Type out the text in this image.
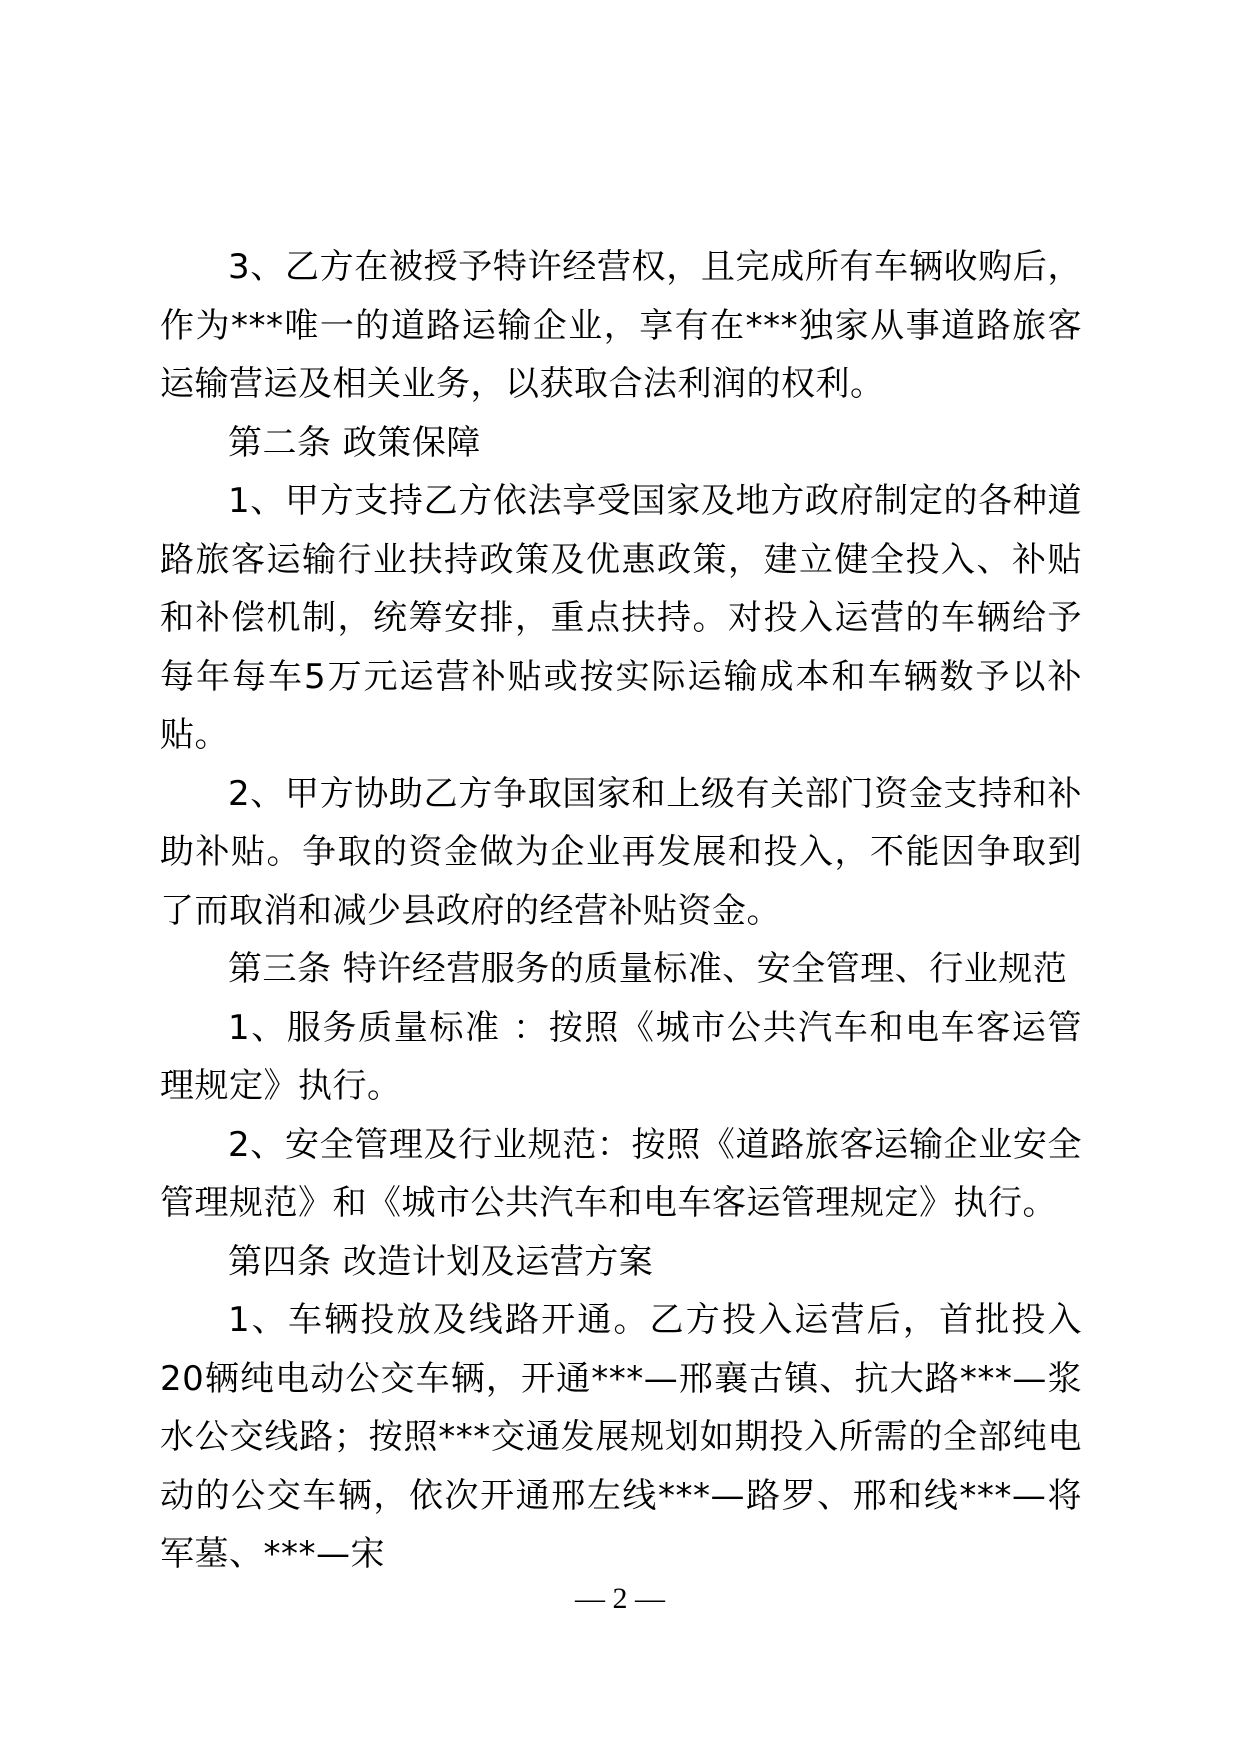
3、乙方在被授予特许经营权，且完成所有车辆收购后，作为***唯一的道路运输企业，享有在***独家从事道路旅客运输营运及相关业务，以获取合法利润的权利。

第二条 政策保障

1、甲方支持乙方依法享受国家及地方政府制定的各种道路旅客运输行业扶持政策及优惠政策，建立健全投入、补贴和补偿机制，统筹安排，重点扶持。对投入运营的车辆给予每年每车5万元运营补贴或按实际运输成本和车辆数予以补贴。

2、甲方协助乙方争取国家和上级有关部门资金支持和补助补贴。争取的资金做为企业再发展和投入，不能因争取到了而取消和减少县政府的经营补贴资金。

第三条 特许经营服务的质量标准、安全管理、行业规范

1、服务质量标准 ：按照《城市公共汽车和电车客运管理规定》执行。

2、安全管理及行业规范：按照《道路旅客运输企业安全管理规范》和《城市公共汽车和电车客运管理规定》执行。

第四条 改造计划及运营方案

1、车辆投放及线路开通。乙方投入运营后，首批投入20辆纯电动公交车辆，开通***—邢襄古镇、抗大路***—浆水公交线路；按照***交通发展规划如期投入所需的全部纯电动的公交车辆，依次开通邢左线***—路罗、邢和线***—将军墓、***—宋

— 2 —
